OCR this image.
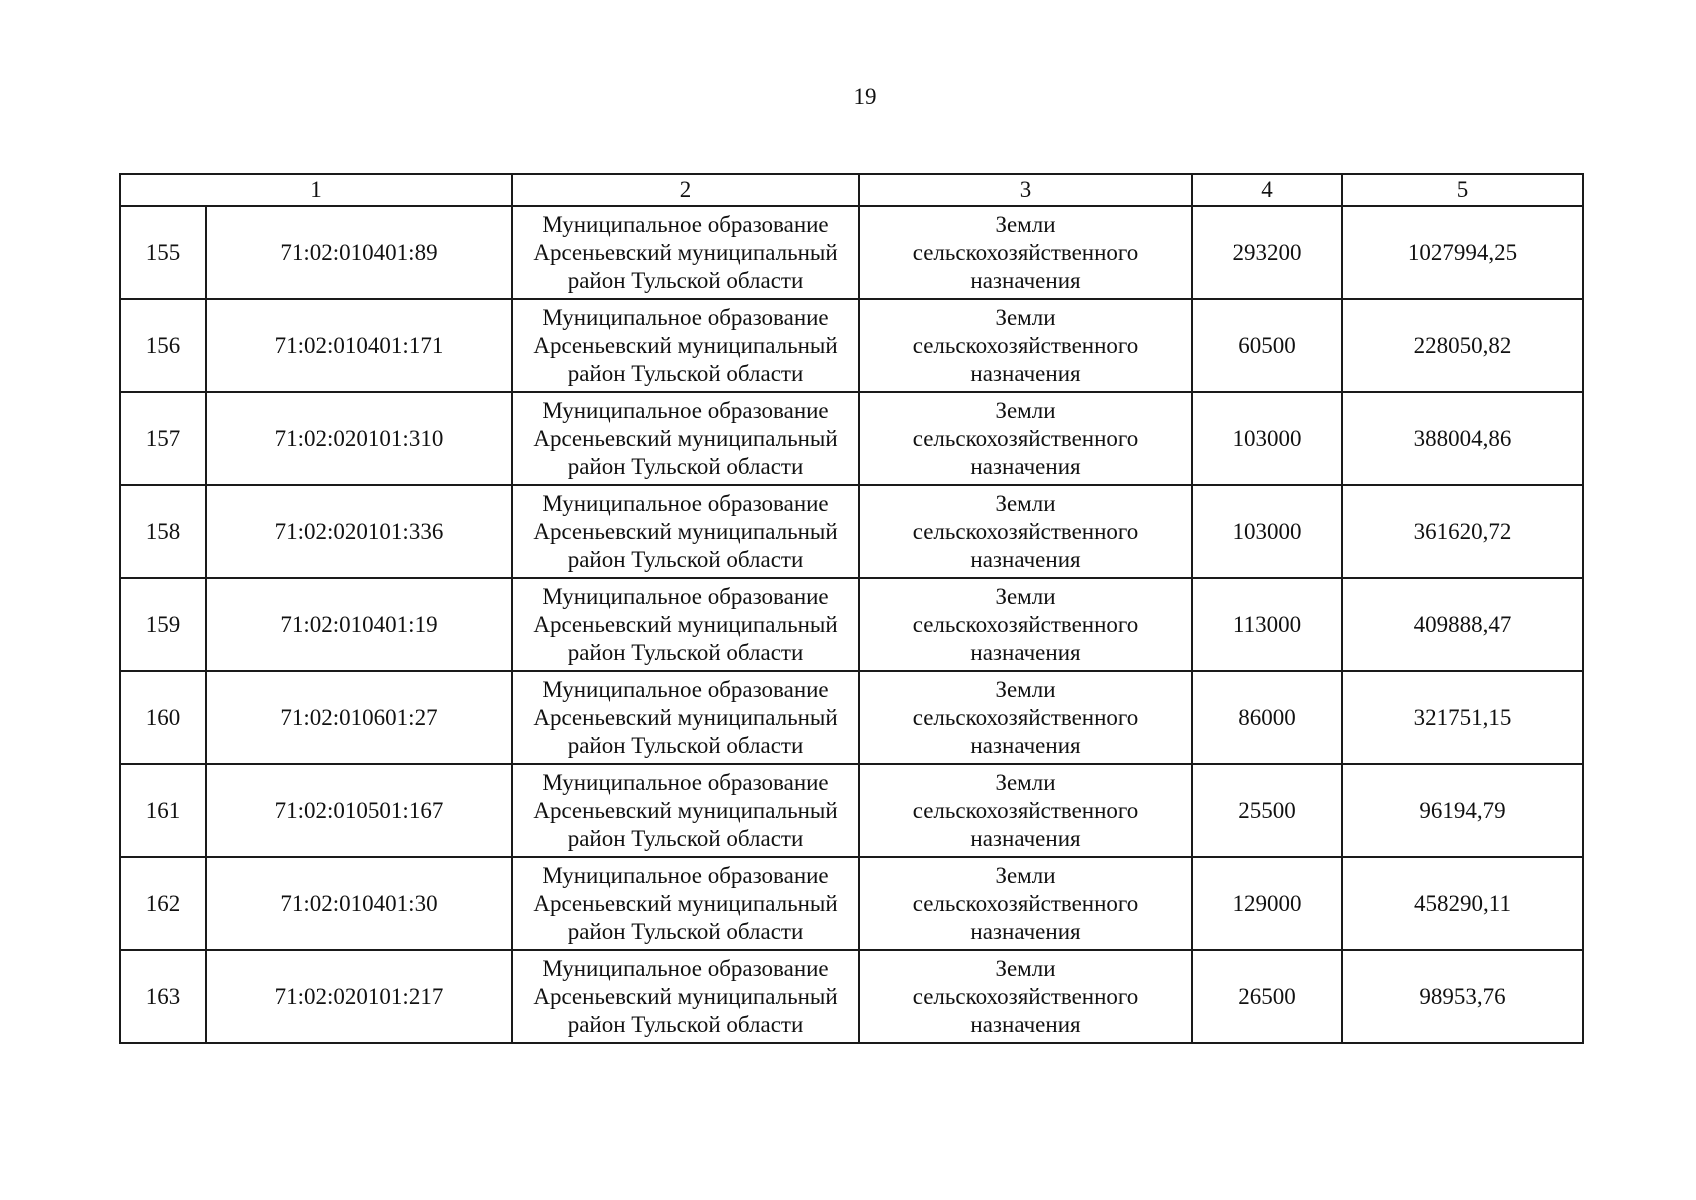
19
1		2	3	4	5
155	71:02:010401:89	Муниципальное образование
Арсеньевский муниципальный
район Тульской области	Земли
сельскохозяйственного
назначения	293200	1027994,25
156	71:02:010401:171	Муниципальное образование
Арсеньевский муниципальный
район Тульской области	Земли
сельскохозяйственного
назначения	60500	228050,82
157	71:02:020101:310	Муниципальное образование
Арсеньевский муниципальный
район Тульской области	Земли
сельскохозяйственного
назначения	103000	388004,86
158	71:02:020101:336	Муниципальное образование
Арсеньевский муниципальный
район Тульской области	Земли
сельскохозяйственного
назначения	103000	361620,72
159	71:02:010401:19	Муниципальное образование
Арсеньевский муниципальный
район Тульской области	Земли
сельскохозяйственного
назначения	113000	409888,47
160	71:02:010601:27	Муниципальное образование
Арсеньевский муниципальный
район Тульской области	Земли
сельскохозяйственного
назначения	86000	321751,15
161	71:02:010501:167	Муниципальное образование
Арсеньевский муниципальный
район Тульской области	Земли
сельскохозяйственного
назначения	25500	96194,79
162	71:02:010401:30	Муниципальное образование
Арсеньевский муниципальный
район Тульской области	Земли
сельскохозяйственного
назначения	129000	458290,11
163	71:02:020101:217	Муниципальное образование
Арсеньевский муниципальный
район Тульской области	Земли
сельскохозяйственного
назначения	26500	98953,76
